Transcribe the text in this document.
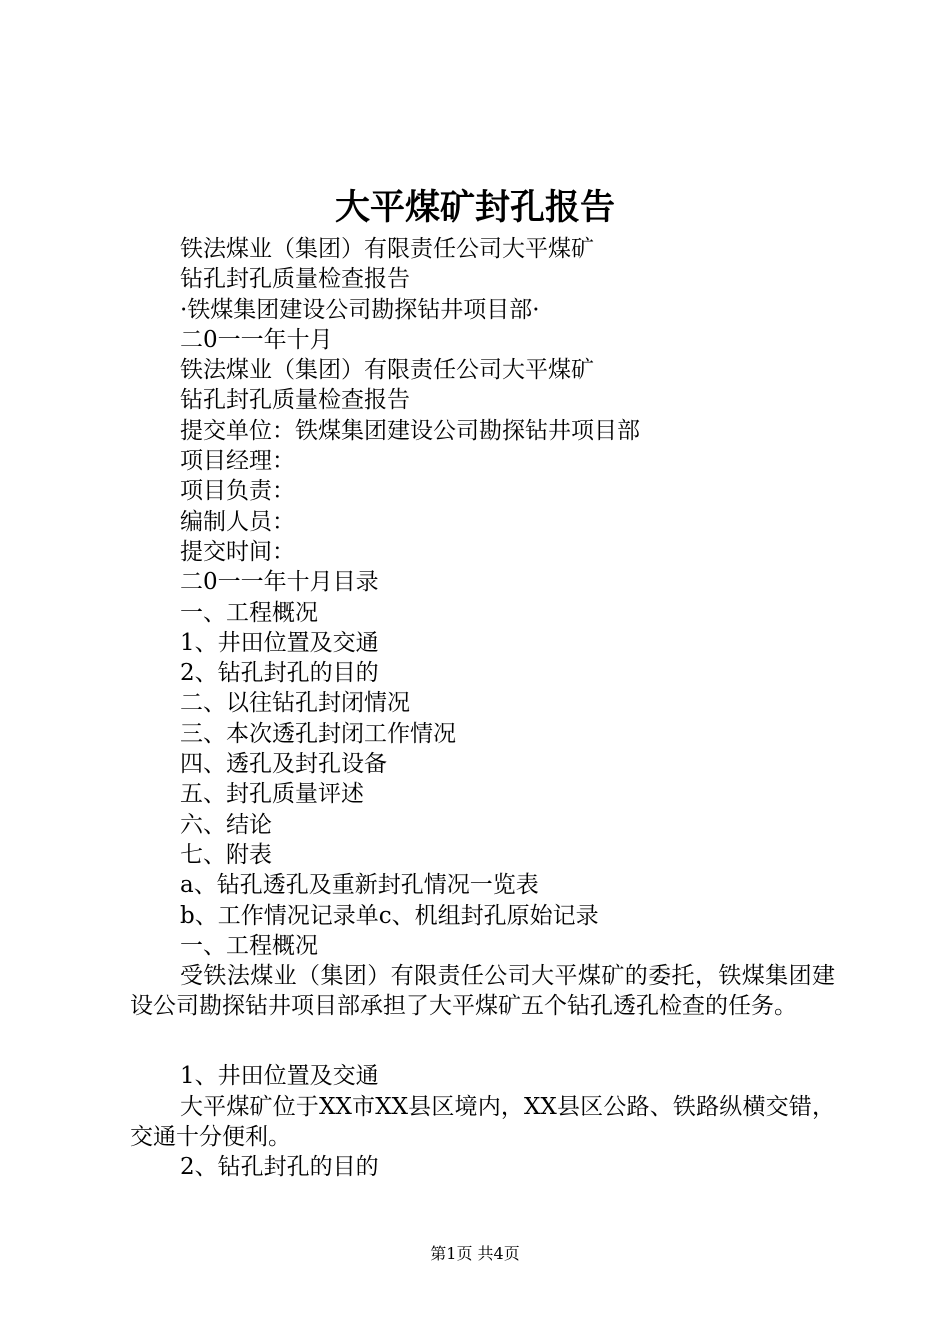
大平煤矿封孔报告
铁法煤业（集团）有限责任公司大平煤矿
钻孔封孔质量检查报告
·铁煤集团建设公司勘探钻井项目部·
二0一一年十月
铁法煤业（集团）有限责任公司大平煤矿
钻孔封孔质量检查报告
提交单位：铁煤集团建设公司勘探钻井项目部
项目经理：
项目负责：
编制人员：
提交时间：
二0一一年十月目录
一、工程概况
1、井田位置及交通
2、钻孔封孔的目的
二、以往钻孔封闭情况
三、本次透孔封闭工作情况
四、透孔及封孔设备
五、封孔质量评述
六、结论
七、附表
a、钻孔透孔及重新封孔情况一览表
b、工作情况记录单c、机组封孔原始记录
一、工程概况

受铁法煤业（集团）有限责任公司大平煤矿的委托，铁煤集团建设公司勘探钻井项目部承担了大平煤矿五个钻孔透孔检查的任务。

1、井田位置及交通

大平煤矿位于XX市XX县区境内，XX县区公路、铁路纵横交错，交通十分便利。

2、钻孔封孔的目的
第1页 共4页
